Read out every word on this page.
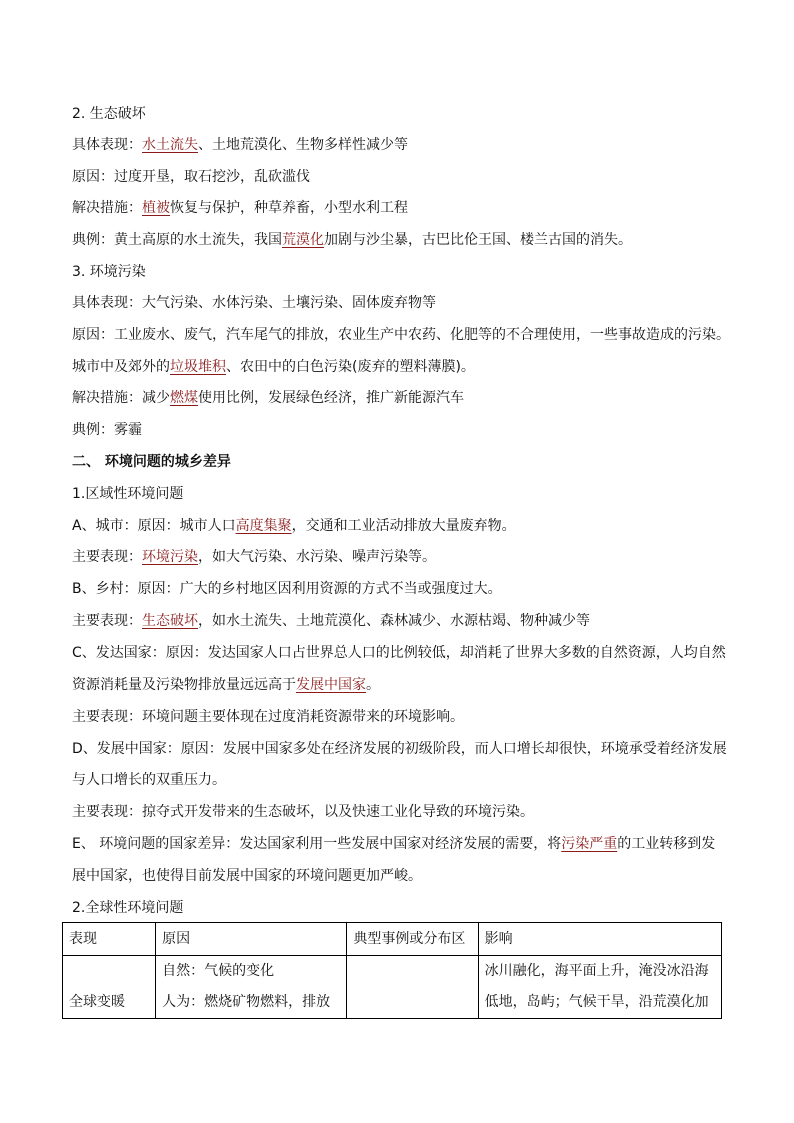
2. 生态破坏
具体表现：水土流失、土地荒漠化、生物多样性减少等
原因：过度开垦，取石挖沙，乱砍滥伐
解决措施：植被恢复与保护，种草养畜，小型水利工程
典例：黄土高原的水土流失，我国荒漠化加剧与沙尘暴，古巴比伦王国、楼兰古国的消失。
3. 环境污染
具体表现：大气污染、水体污染、土壤污染、固体废弃物等
原因：工业废水、废气，汽车尾气的排放，农业生产中农药、化肥等的不合理使用，一些事故造成的污染。
城市中及郊外的垃圾堆积、农田中的白色污染(废弃的塑料薄膜)。
解决措施：减少燃煤使用比例，发展绿色经济，推广新能源汽车
典例：雾霾
二、 环境问题的城乡差异
1.区域性环境问题
A、城市：原因：城市人口高度集聚，交通和工业活动排放大量废弃物。
主要表现：环境污染，如大气污染、水污染、噪声污染等。
B、乡村：原因：广大的乡村地区因利用资源的方式不当或强度过大。
主要表现：生态破坏，如水土流失、土地荒漠化、森林减少、水源枯竭、物种减少等
C、发达国家：原因：发达国家人口占世界总人口的比例较低，却消耗了世界大多数的自然资源，人均自然
资源消耗量及污染物排放量远远高于发展中国家。
主要表现：环境问题主要体现在过度消耗资源带来的环境影响。
D、发展中国家：原因：发展中国家多处在经济发展的初级阶段，而人口增长却很快，环境承受着经济发展
与人口增长的双重压力。
主要表现：掠夺式开发带来的生态破坏，以及快速工业化导致的环境污染。
E、 环境问题的国家差异：发达国家利用一些发展中国家对经济发展的需要，将污染严重的工业转移到发
展中国家，也使得目前发展中国家的环境问题更加严峻。
2.全球性环境问题
表现	原因	典型事例或分布区	影响

全球变暖	自然：气候的变化
人为：燃烧矿物燃料，排放		冰川融化，海平面上升，淹没冰沿海
低地，岛屿；气候干旱，沿荒漠化加
